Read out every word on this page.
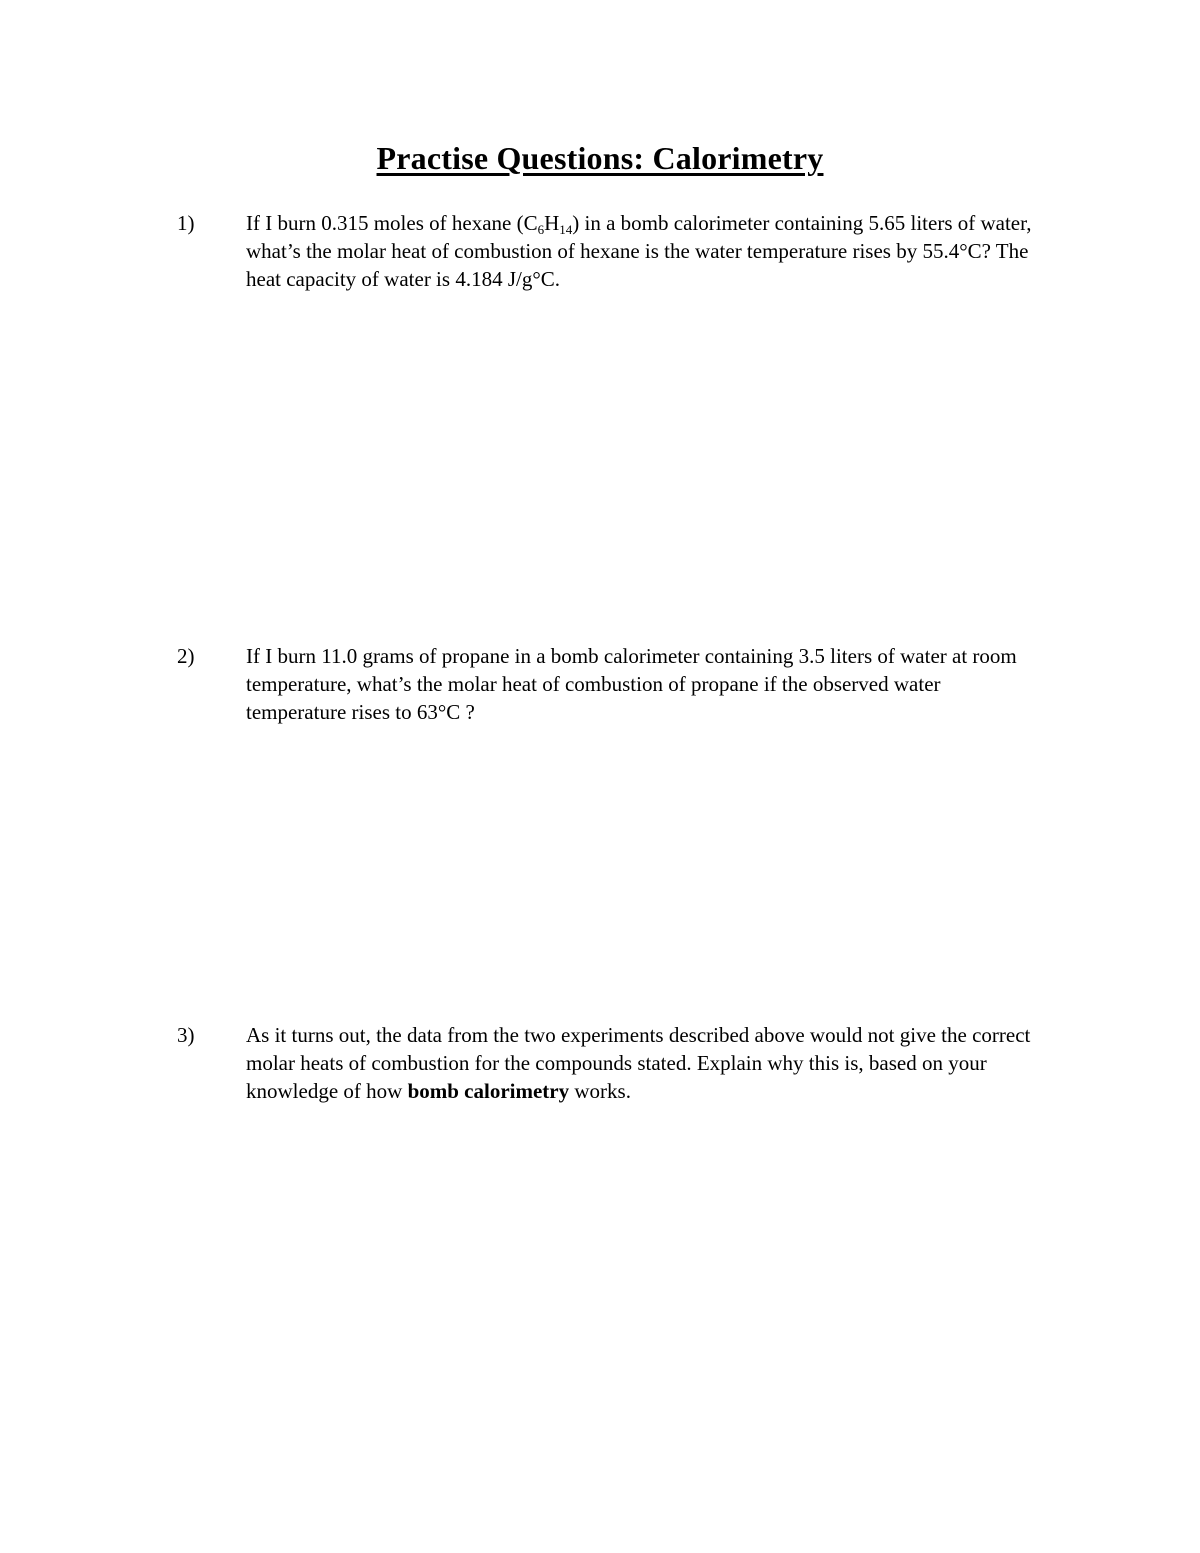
Practise Questions: Calorimetry
1) If I burn 0.315 moles of hexane $(C_6H_{14})$ in a bomb calorimeter containing 5.65 liters of water, what’s the molar heat of combustion of hexane is the water temperature rises by 55.4°C? The heat capacity of water is 4.184 J/g°C.

2) If I burn 11.0 grams of propane in a bomb calorimeter containing 3.5 liters of water at room temperature, what’s the molar heat of combustion of propane if the observed water temperature rises to 63°C ?

3) As it turns out, the data from the two experiments described above would not give the correct molar heats of combustion for the compounds stated. Explain why this is, based on your knowledge of how bomb calorimetry works.
